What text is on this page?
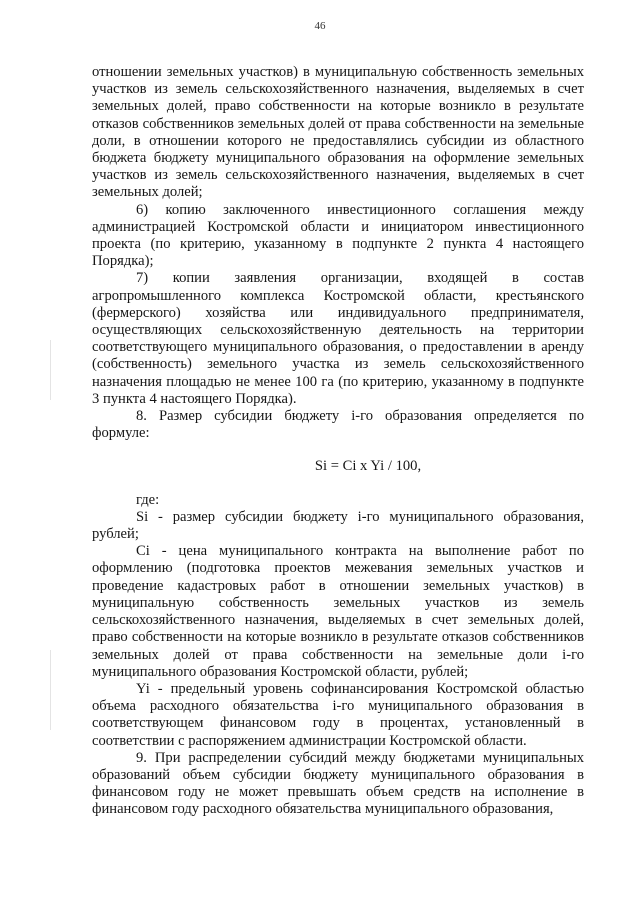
46

отношении земельных участков) в муниципальную собственность земельных участков из земель сельскохозяйственного назначения, выделяемых в счет земельных долей, право собственности на которые возникло в результате отказов собственников земельных долей от права собственности на земельные доли, в отношении которого не предоставлялись субсидии из областного бюджета бюджету муниципального образования на оформление земельных участков из земель сельскохозяйственного назначения, выделяемых в счет земельных долей;

6) копию заключенного инвестиционного соглашения между администрацией Костромской области и инициатором инвестиционного проекта (по критерию, указанному в подпункте 2 пункта 4 настоящего Порядка);

7) копии заявления организации, входящей в состав агропромышленного комплекса Костромской области, крестьянского (фермерского) хозяйства или индивидуального предпринимателя, осуществляющих сельскохозяйственную деятельность на территории соответствующего муниципального образования, о предоставлении в аренду (собственность) земельного участка из земель сельскохозяйственного назначения площадью не менее 100 га (по критерию, указанному в подпункте 3 пункта 4 настоящего Порядка).

8. Размер субсидии бюджету i-го образования определяется по формуле:

Si = Ci x Yi / 100,

где:

Si - размер субсидии бюджету i-го муниципального образования, рублей;

Ci - цена муниципального контракта на выполнение работ по оформлению (подготовка проектов межевания земельных участков и проведение кадастровых работ в отношении земельных участков) в муниципальную собственность земельных участков из земель сельскохозяйственного назначения, выделяемых в счет земельных долей, право собственности на которые возникло в результате отказов собственников земельных долей от права собственности на земельные доли i-го муниципального образования Костромской области, рублей;

Yi - предельный уровень софинансирования Костромской областью объема расходного обязательства i-го муниципального образования в соответствующем финансовом году в процентах, установленный в соответствии с распоряжением администрации Костромской области.

9. При распределении субсидий между бюджетами муниципальных образований объем субсидии бюджету муниципального образования в финансовом году не может превышать объем средств на исполнение в финансовом году расходного обязательства муниципального образования,
